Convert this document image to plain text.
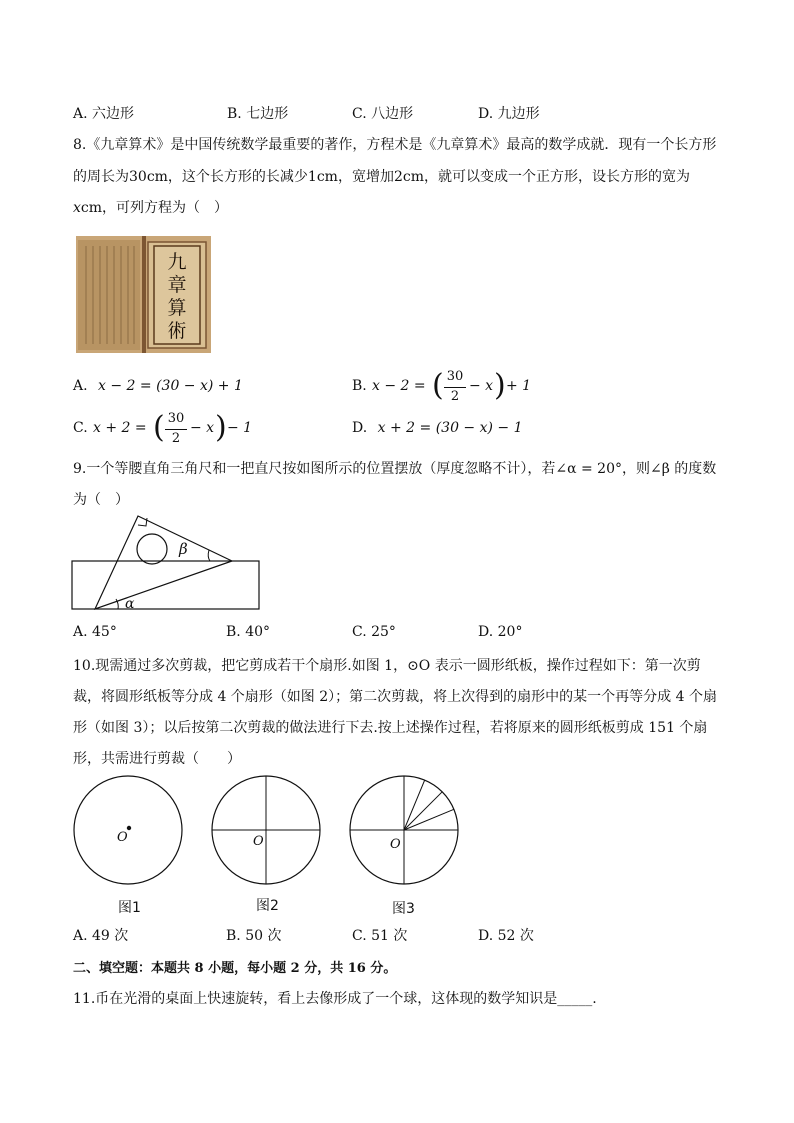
A. 六边形	B. 七边形	C. 八边形	D. 九边形
8.《九章算术》是中国传统数学最重要的著作，方程术是《九章算术》最高的数学成就．现有一个长方形
的周长为30cm，这个长方形的长减少1cm，宽增加2cm，就可以变成一个正方形，设长方形的宽为
xcm，可列方程为（　）
九
章
算
術
A. x − 2 = (30 − x) + 1	B. x − 2 = ( 30
2
− x ) + 1
C. x + 2 = ( 30
2
− x ) − 1	D. x + 2 = (30 − x) − 1
9.一个等腰直角三角尺和一把直尺按如图所示的位置摆放（厚度忽略不计），若∠α = 20°，则∠β 的度数
为（　）
β
α
A. 45°	B. 40°	C. 25°	D. 20°
10.现需通过多次剪裁，把它剪成若干个扇形.如图 1，⊙O 表示一圆形纸板，操作过程如下：第一次剪
裁，将圆形纸板等分成 4 个扇形（如图 2）；第二次剪裁，将上次得到的扇形中的某一个再等分成 4 个扇
形（如图 3）；以后按第二次剪裁的做法进行下去.按上述操作过程，若将原来的圆形纸板剪成 151 个扇
形，共需进行剪裁（　　）
O
图1
O
图2
O
图3
A. 49 次	B. 50 次	C. 51 次	D. 52 次
二、填空题：本题共 8 小题，每小题 2 分，共 16 分。
11.币在光滑的桌面上快速旋转，看上去像形成了一个球，这体现的数学知识是_____.
